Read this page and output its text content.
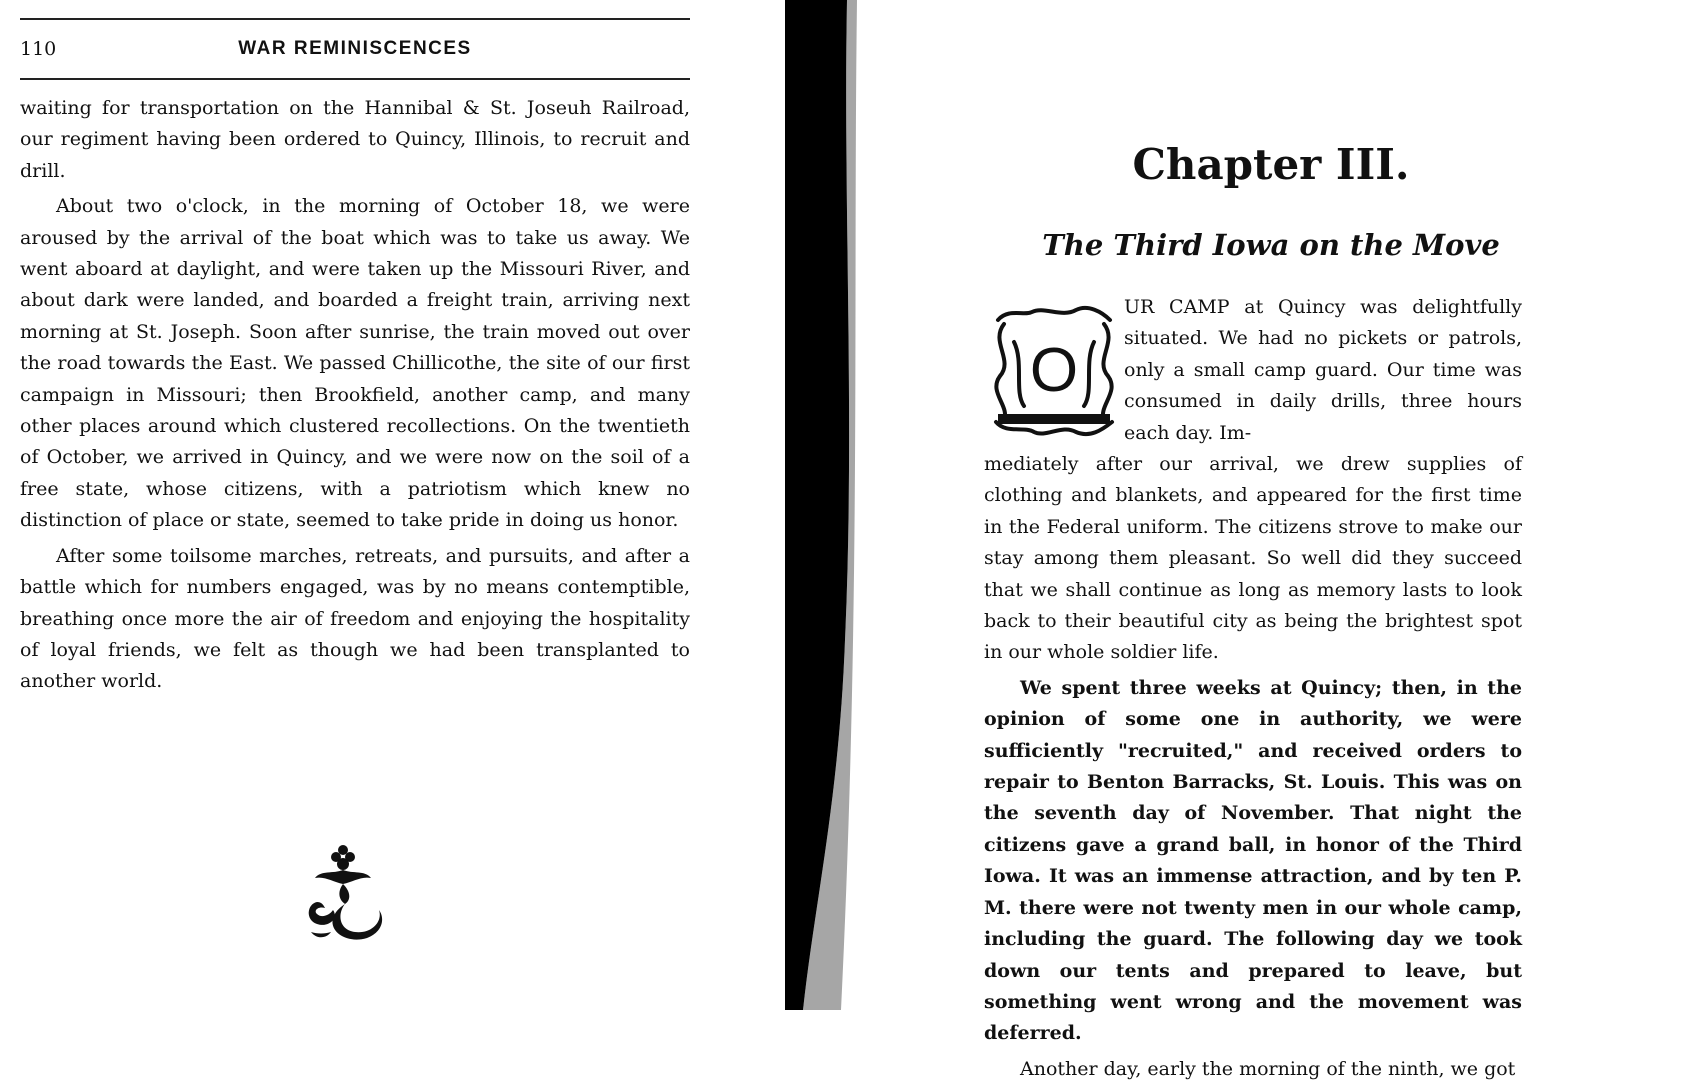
110	WAR REMINISCENCES

waiting for transportation on the Hannibal & St. Joseuh Railroad, our regiment having been ordered to Quincy, Illinois, to recruit and drill.

About two o'clock, in the morning of October 18, we were aroused by the arrival of the boat which was to take us away. We went aboard at daylight, and were taken up the Missouri River, and about dark were landed, and boarded a freight train, arriving next morning at St. Joseph. Soon after sunrise, the train moved out over the road towards the East. We passed Chillicothe, the site of our first campaign in Missouri; then Brookfield, another camp, and many other places around which clustered recollections. On the twentieth of October, we arrived in Quincy, and we were now on the soil of a free state, whose citizens, with a patriotism which knew no distinction of place or state, seemed to take pride in doing us honor.

After some toilsome marches, retreats, and pursuits, and after a battle which for numbers engaged, was by no means contemptible, breathing once more the air of freedom and enjoying the hospitality of loyal friends, we felt as though we had been transplanted to another world.

Chapter III.
The Third Iowa on the Move
O

UR CAMP at Quincy was delightfully situated. We had no pickets or patrols, only a small camp guard. Our time was consumed in daily drills, three hours each day. Im-

mediately after our arrival, we drew supplies of clothing and blankets, and appeared for the first time in the Federal uniform. The citizens strove to make our stay among them pleasant. So well did they succeed that we shall continue as long as memory lasts to look back to their beautiful city as being the brightest spot in our whole soldier life.

We spent three weeks at Quincy; then, in the opinion of some one in authority, we were sufficiently "recruited," and received orders to repair to Benton Barracks, St. Louis. This was on the seventh day of November. That night the citizens gave a grand ball, in honor of the Third Iowa. It was an immense attraction, and by ten P. M. there were not twenty men in our whole camp, including the guard. The following day we took down our tents and prepared to leave, but something went wrong and the movement was deferred.

Another day, early the morning of the ninth, we got
